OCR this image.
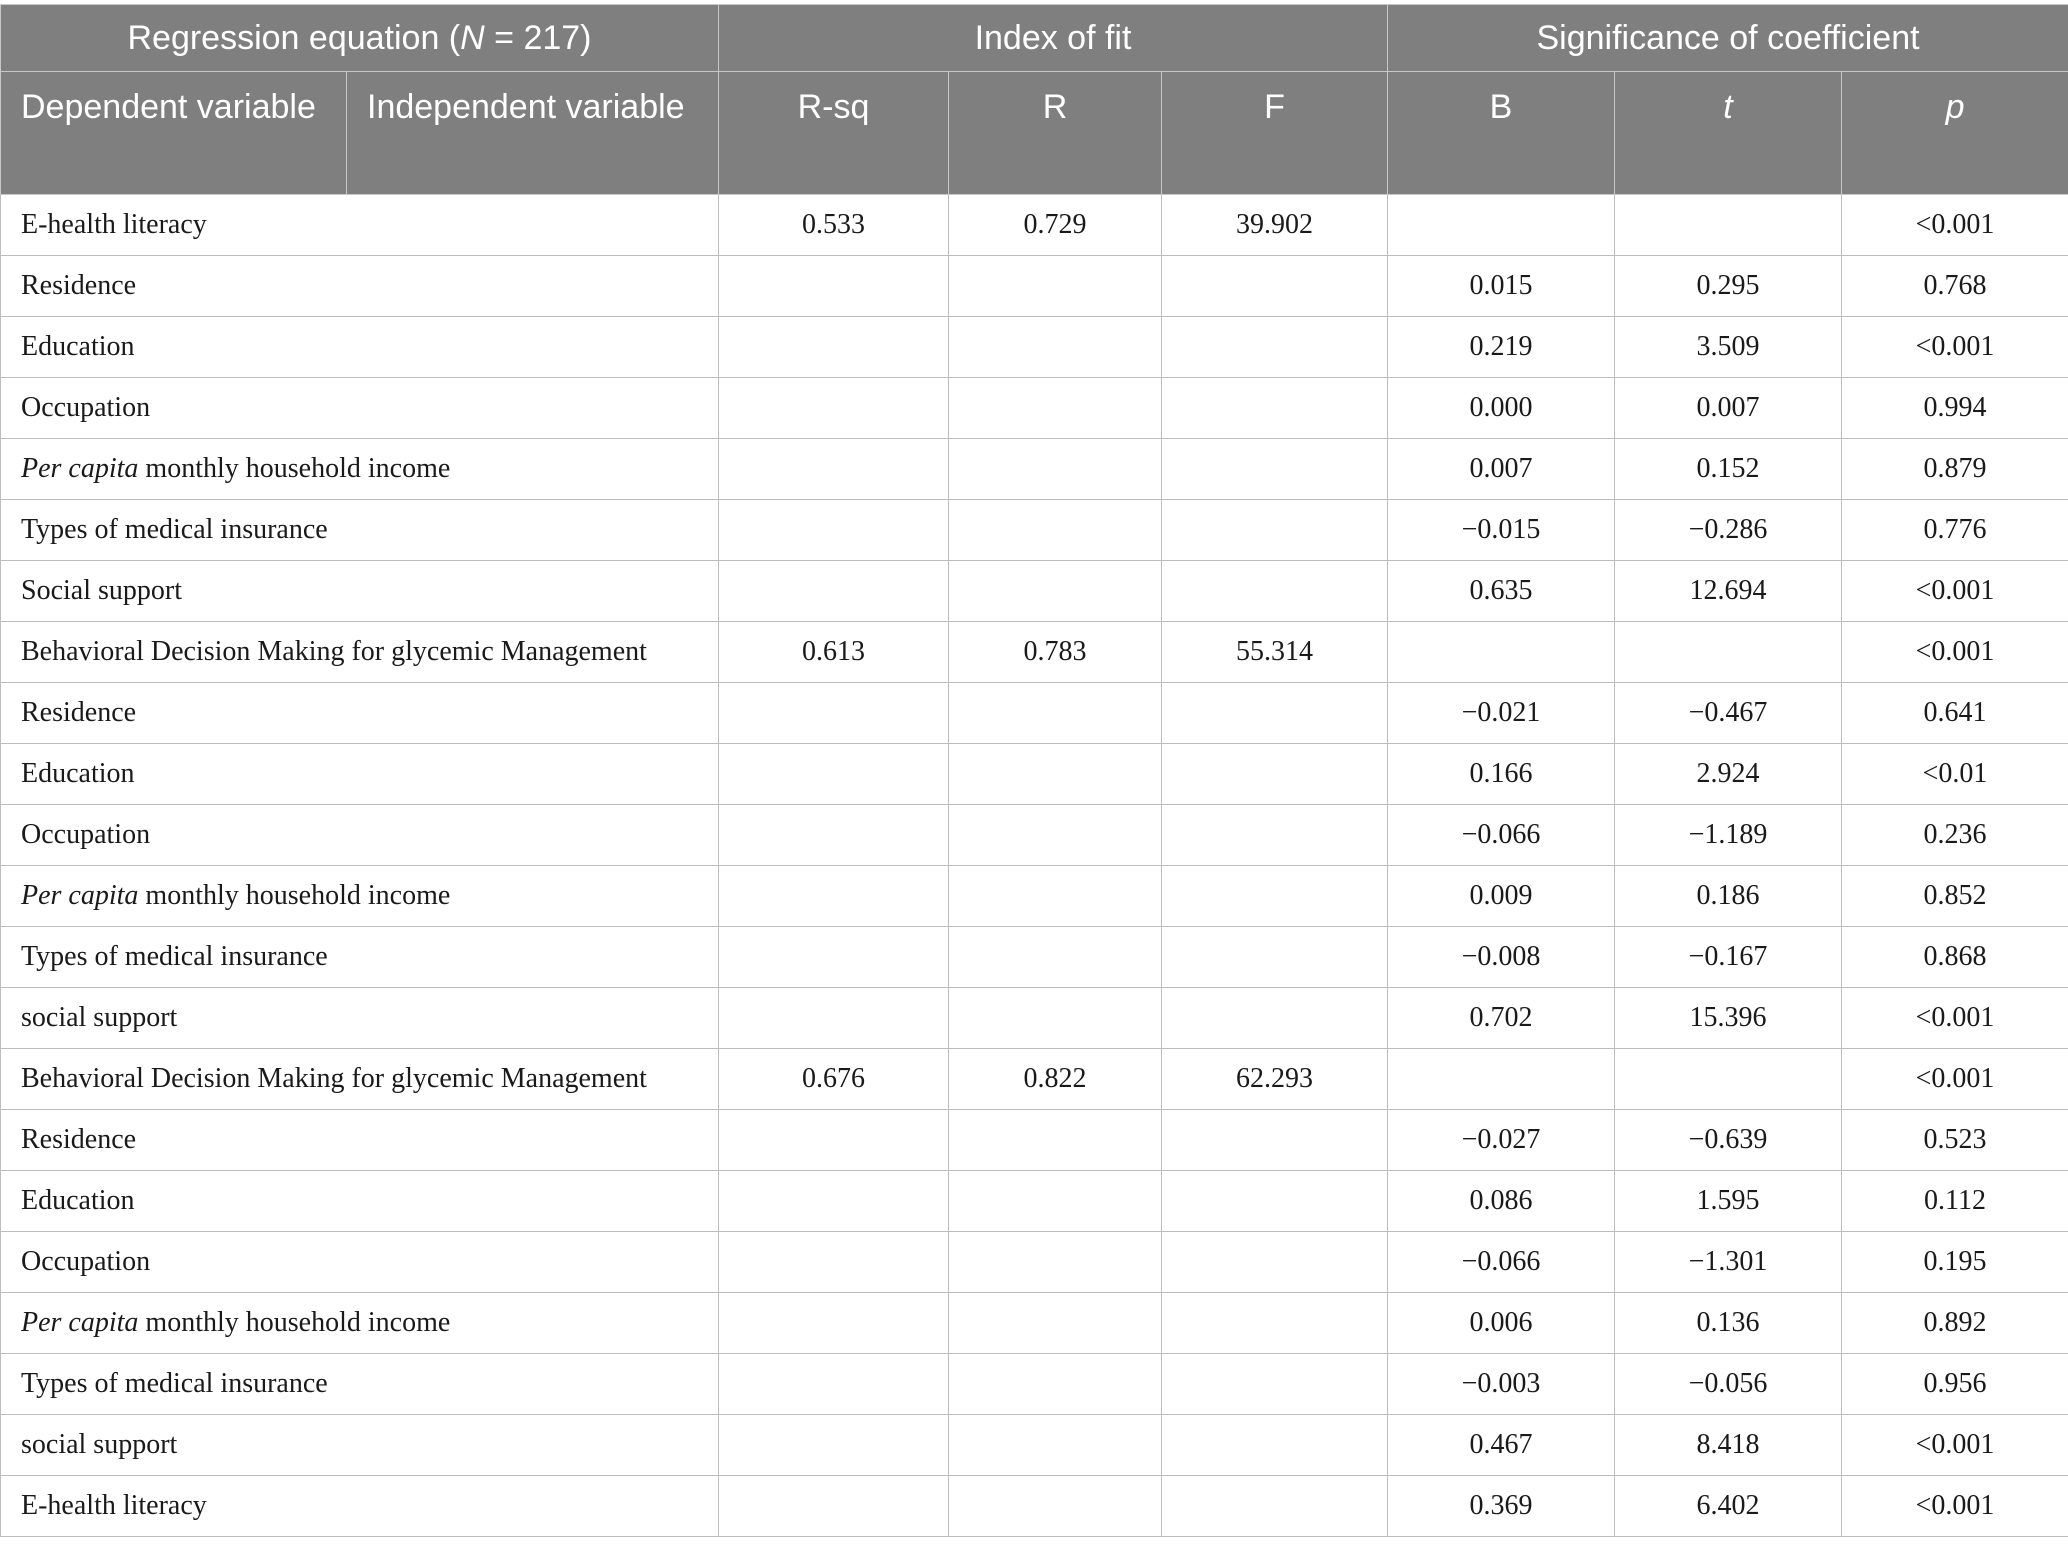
Regression equation (N = 217)		Index of fit			Significance of coefficient		
Dependent variable	Independent variable	R-sq	R	F	B	t	p
E-health literacy		0.533	0.729	39.902			<0.001
Residence					0.015	0.295	0.768
Education					0.219	3.509	<0.001
Occupation					0.000	0.007	0.994
Per capita monthly household income					0.007	0.152	0.879
Types of medical insurance					−0.015	−0.286	0.776
Social support					0.635	12.694	<0.001
Behavioral Decision Making for glycemic Management		0.613	0.783	55.314			<0.001
Residence					−0.021	−0.467	0.641
Education					0.166	2.924	<0.01
Occupation					−0.066	−1.189	0.236
Per capita monthly household income					0.009	0.186	0.852
Types of medical insurance					−0.008	−0.167	0.868
social support					0.702	15.396	<0.001
Behavioral Decision Making for glycemic Management		0.676	0.822	62.293			<0.001
Residence					−0.027	−0.639	0.523
Education					0.086	1.595	0.112
Occupation					−0.066	−1.301	0.195
Per capita monthly household income					0.006	0.136	0.892
Types of medical insurance					−0.003	−0.056	0.956
social support					0.467	8.418	<0.001
E-health literacy					0.369	6.402	<0.001
